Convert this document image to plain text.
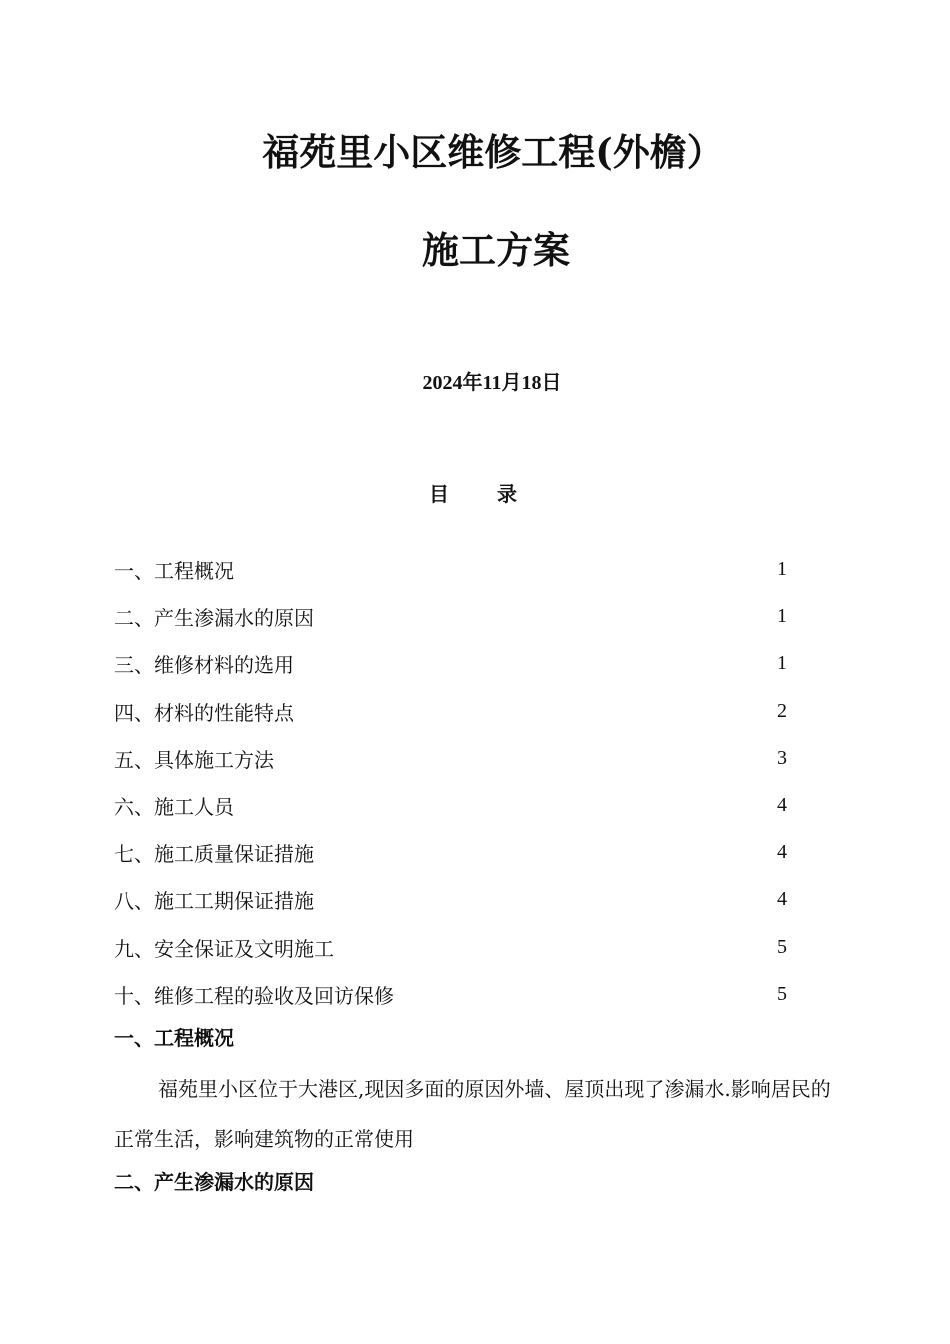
福苑里小区维修工程(外檐）
施工方案
2024年11月18日
目 录
一、工程概况	1
二、产生渗漏水的原因	1
三、维修材料的选用	1
四、材料的性能特点	2
五、具体施工方法	3
六、施工人员	4
七、施工质量保证措施	4
八、施工工期保证措施	4
九、安全保证及文明施工	5
十、维修工程的验收及回访保修	5
一、工程概况

福苑里小区位于大港区,现因多面的原因外墙、屋顶出现了渗漏水.影响居民的正常生活，影响建筑物的正常使用

二、产生渗漏水的原因
